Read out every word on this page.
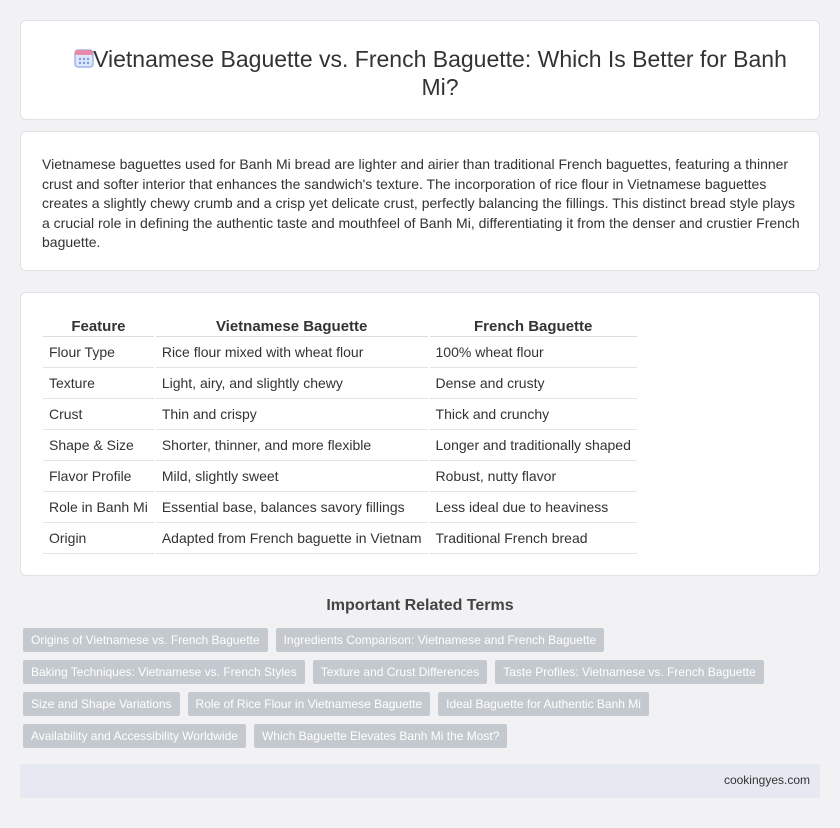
Vietnamese Baguette vs. French Baguette: Which Is Better for Banh Mi?

Vietnamese baguettes used for Banh Mi bread are lighter and airier than traditional French baguettes, featuring a thinner crust and softer interior that enhances the sandwich's texture. The incorporation of rice flour in Vietnamese baguettes creates a slightly chewy crumb and a crisp yet delicate crust, perfectly balancing the fillings. This distinct bread style plays a crucial role in defining the authentic taste and mouthfeel of Banh Mi, differentiating it from the denser and crustier French baguette.

Feature	Vietnamese Baguette	French Baguette
Flour Type	Rice flour mixed with wheat flour	100% wheat flour
Texture	Light, airy, and slightly chewy	Dense and crusty
Crust	Thin and crispy	Thick and crunchy
Shape & Size	Shorter, thinner, and more flexible	Longer and traditionally shaped
Flavor Profile	Mild, slightly sweet	Robust, nutty flavor
Role in Banh Mi	Essential base, balances savory fillings	Less ideal due to heaviness
Origin	Adapted from French baguette in Vietnam	Traditional French bread
Important Related Terms
Origins of Vietnamese vs. French Baguette	Ingredients Comparison: Vietnamese and French Baguette
Baking Techniques: Vietnamese vs. French Styles	Texture and Crust Differences	Taste Profiles: Vietnamese vs. French Baguette
Size and Shape Variations	Role of Rice Flour in Vietnamese Baguette	Ideal Baguette for Authentic Banh Mi
Availability and Accessibility Worldwide	Which Baguette Elevates Banh Mi the Most?
cookingyes.com
